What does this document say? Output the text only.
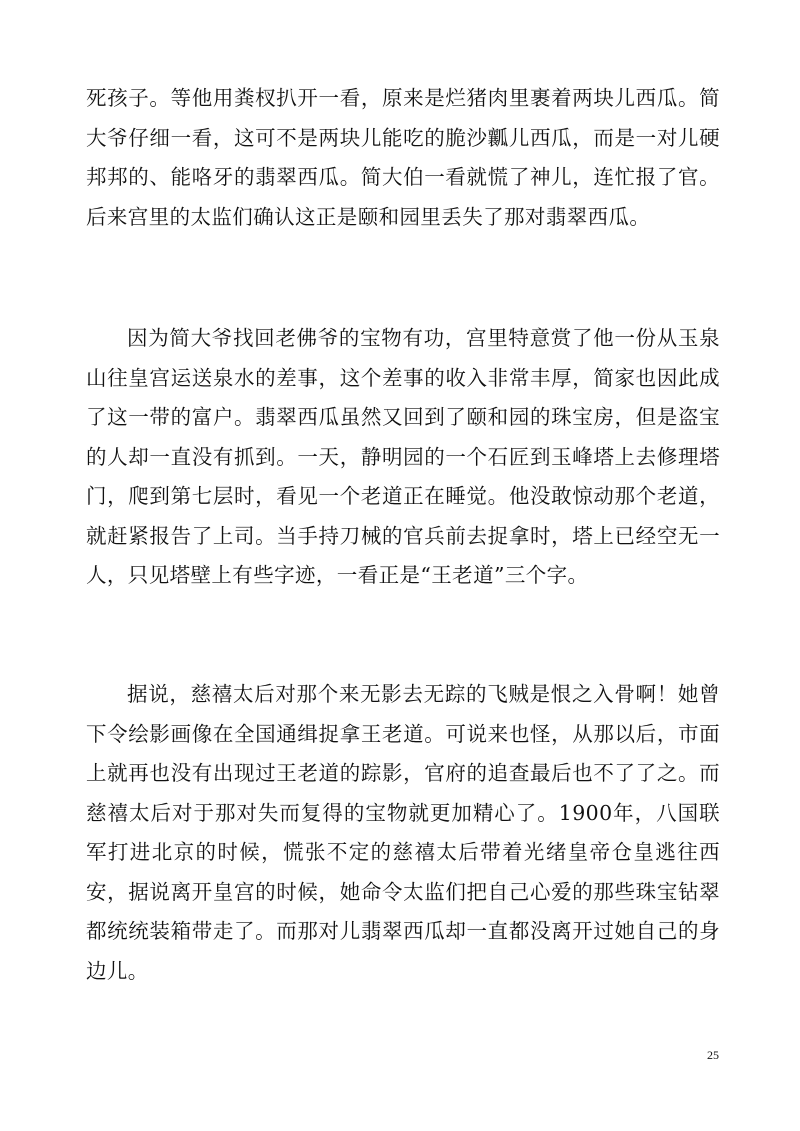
死孩子。等他用粪杈扒开一看，原来是烂猪肉里裹着两块儿西瓜。简大爷仔细一看，这可不是两块儿能吃的脆沙瓤儿西瓜，而是一对儿硬邦邦的、能咯牙的翡翠西瓜。简大伯一看就慌了神儿，连忙报了官。后来宫里的太监们确认这正是颐和园里丢失了那对翡翠西瓜。

因为简大爷找回老佛爷的宝物有功，宫里特意赏了他一份从玉泉山往皇宫运送泉水的差事，这个差事的收入非常丰厚，简家也因此成了这一带的富户。翡翠西瓜虽然又回到了颐和园的珠宝房，但是盗宝的人却一直没有抓到。一天，静明园的一个石匠到玉峰塔上去修理塔门，爬到第七层时，看见一个老道正在睡觉。他没敢惊动那个老道，就赶紧报告了上司。当手持刀械的官兵前去捉拿时，塔上已经空无一人，只见塔壁上有些字迹，一看正是“王老道”三个字。

据说，慈禧太后对那个来无影去无踪的飞贼是恨之入骨啊！她曾下令绘影画像在全国通缉捉拿王老道。可说来也怪，从那以后，市面上就再也没有出现过王老道的踪影，官府的追查最后也不了了之。而慈禧太后对于那对失而复得的宝物就更加精心了。1900年，八国联军打进北京的时候，慌张不定的慈禧太后带着光绪皇帝仓皇逃往西安，据说离开皇宫的时候，她命令太监们把自己心爱的那些珠宝钻翠都统统装箱带走了。而那对儿翡翠西瓜却一直都没离开过她自己的身边儿。

25
